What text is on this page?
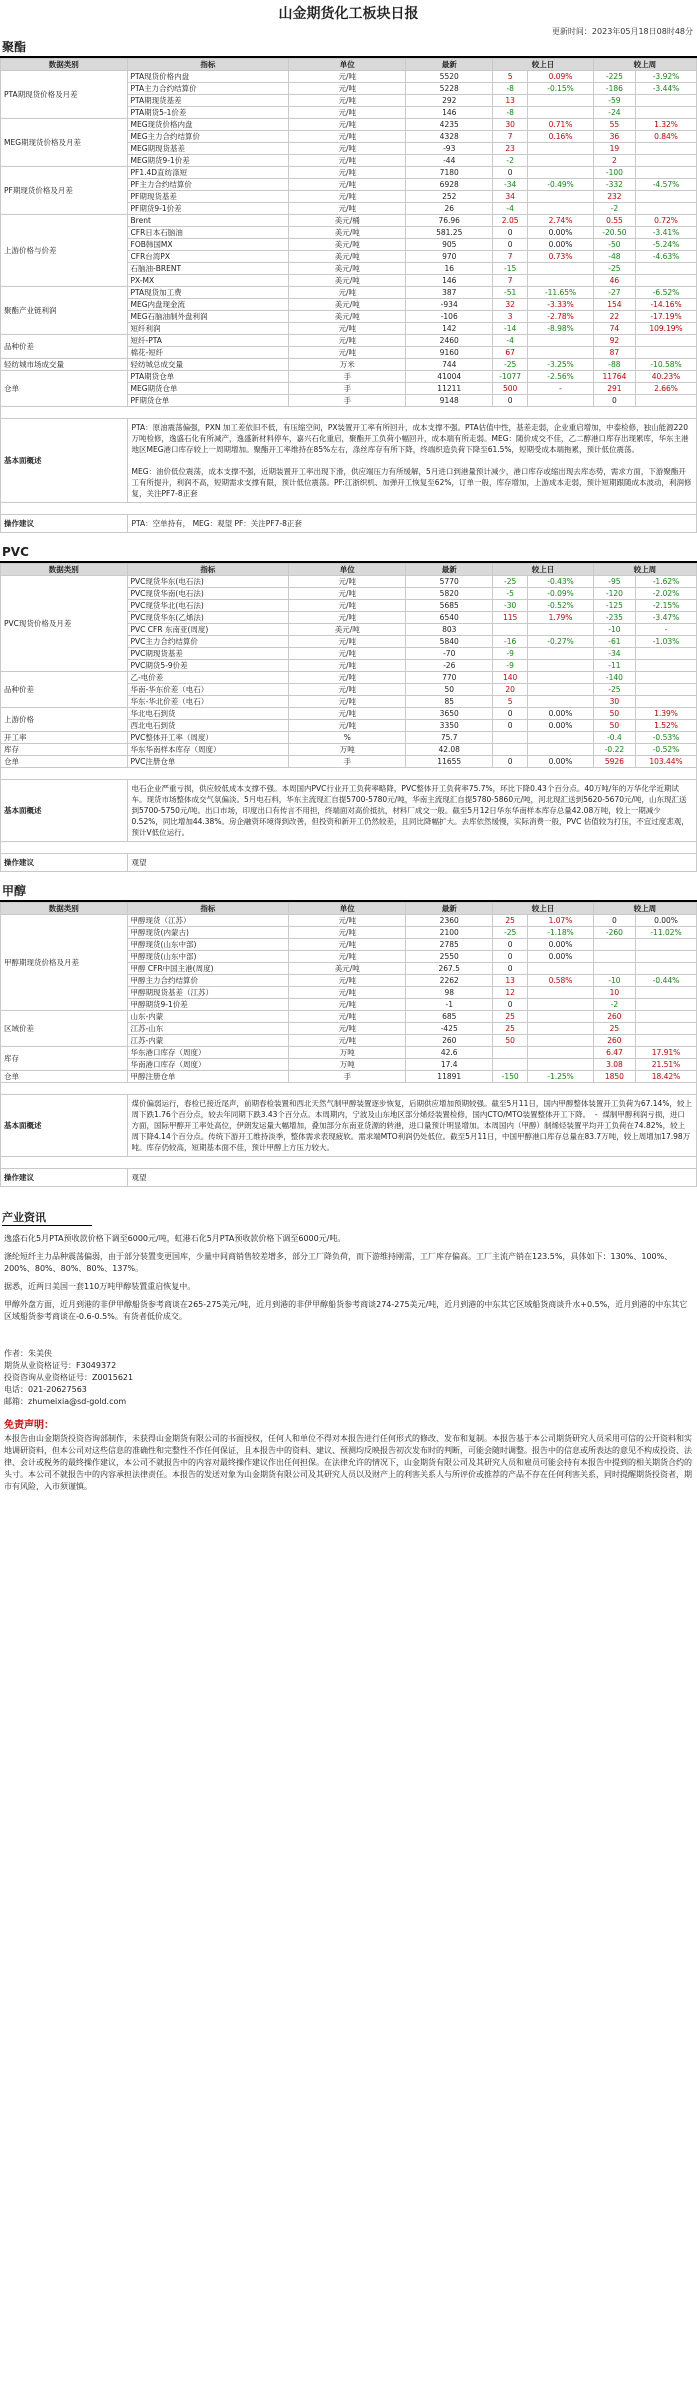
山金期货化工板块日报
更新时间：2023年05月18日08时48分
聚酯
数据类别	指标	单位	最新	较上日		较上周	
PTA期现货价格及月差	PTA现货价格内盘	元/吨	5520	5	0.09%	-225	-3.92%
	PTA主力合约结算价	元/吨	5228	-8	-0.15%	-186	-3.44%
	PTA期现货基差	元/吨	292	13		-59	
	PTA期货5-1价差	元/吨	146	-8		-24	
MEG期现货价格及月差	MEG现货价格内盘	元/吨	4235	30	0.71%	55	1.32%
	MEG主力合约结算价	元/吨	4328	7	0.16%	36	0.84%
	MEG期现货基差	元/吨	-93	23		19	
	MEG期货9-1价差	元/吨	-44	-2		2	
PF期现货价格及月差	PF1.4D直纺涤短	元/吨	7180	0		-100	
	PF主力合约结算价	元/吨	6928	-34	-0.49%	-332	-4.57%
	PF期现货基差	元/吨	252	34		232	
	PF期货9-1价差	元/吨	26	-4		-2	
上游价格与价差	Brent	美元/桶	76.96	2.05	2.74%	0.55	0.72%
	CFR日本石脑油	美元/吨	581.25	0	0.00%	-20.50	-3.41%
	FOB韩国MX	美元/吨	905	0	0.00%	-50	-5.24%
	CFR台湾PX	美元/吨	970	7	0.73%	-48	-4.63%
	石脑油-BRENT	美元/吨	16	-15		-25	
	PX-MX	美元/吨	146	7		46	
聚酯产业链利润	PTA现货加工费	元/吨	387	-51	-11.65%	-27	-6.52%
	MEG内盘现金流	美元/吨	-934	32	-3.33%	154	-14.16%
	MEG石脑油制外盘利润	美元/吨	-106	3	-2.78%	22	-17.19%
	短纤利润	元/吨	142	-14	-8.98%	74	109.19%
品种价差	短纤-PTA	元/吨	2460	-4		92	
	棉花-短纤	元/吨	9160	67		87	
轻纺城市场成交量	轻纺城总成交量	万米	744	-25	-3.25%	-88	-10.58%
仓单	PTA期货仓单	手	41004	-1077	-2.56%	11764	40.23%
	MEG期货仓单	手	11211	500	-	291	2.66%
	PF期货仓单	手	9148	0		0	

基本面概述	PTA：原油震荡偏强，PXN 加工差依旧不低，有压缩空间，PX装置开工率有所回升，成本支撑不强。PTA估值中性，基差走弱，企业重启增加，中泰检修，独山能源220万吨检修，逸盛石化有所减产，逸盛新材料停车，嘉兴石化重启，聚酯开工负荷小幅回升，成本端有所走弱。MEG：随价成交不佳，乙二醇港口库存出现累库，华东主港地区MEG港口库存较上一周期增加。聚酯开工率维持在85%左右，涤丝库存有所下降，终端织造负荷下降至61.5%，短期受成本端拖累，预计低位震荡。

MEG：油价低位震荡，成本支撑不强，近期装置开工率出现下滑，供应端压力有所缓解，5月进口到港量预计减少，港口库存或缩出现去库态势，需求方面，下游聚酯开工有所提升，利润不高，短期需求支撑有限，预计低位震荡。PF:江浙织机、加弹开工恢复至62%，订单一般，库存增加，上游成本走弱，预计短期跟随成本波动，利润修复，关注PF7-8正套						

操作建议	PTA：空单持有， MEG：观望 PF：关注PF7-8正套						
PVC
数据类别	指标	单位	最新	较上日		较上周	
PVC现货价格及月差	PVC现货华东(电石法)	元/吨	5770	-25	-0.43%	-95	-1.62%
	PVC现货华南(电石法)	元/吨	5820	-5	-0.09%	-120	-2.02%
	PVC现货华北(电石法)	元/吨	5685	-30	-0.52%	-125	-2.15%
	PVC现货华东(乙烯法)	元/吨	6540	115	1.79%	-235	-3.47%
	PVC CFR 东南亚(周度)	美元/吨	803			-10	-
	PVC主力合约结算价	元/吨	5840	-16	-0.27%	-61	-1.03%
	PVC期现货基差	元/吨	-70	-9		-34	
	PVC期货5-9价差	元/吨	-26	-9		-11	
品种价差	乙-电价差	元/吨	770	140		-140	
	华南-华东价差（电石）	元/吨	50	20		-25	
	华东-华北价差（电石）	元/吨	85	5		30	
上游价格	华北电石到货	元/吨	3650	0	0.00%	50	1.39%
	西北电石到货	元/吨	3350	0	0.00%	50	1.52%
开工率	PVC整体开工率（周度）	%	75.7			-0.4	-0.53%
库存	华东华南样本库存（周度）	万吨	42.08			-0.22	-0.52%
仓单	PVC注册仓单	手	11655	0	0.00%	5926	103.44%

基本面概述	电石企业严重亏损，供应较低成本支撑不强。本周国内PVC行业开工负荷率略降，PVC整体开工负荷率75.7%，环比下降0.43个百分点。40万吨/年的万华化学近期试车。现货市场整体成交气氛偏淡。5月电石料，华东主流现汇自提5700-5780元/吨，华南主流现汇自提5780-5860元/吨，河北现汇送到5620-5670元/吨，山东现汇送到5700-5750元/吨。出口市场，印度出口有传言不用担，终端面对高价抵抗，材料厂成交一般。截至5月12日华东华南样本库存总量42.08万吨，较上一期减少0.52%，同比增加44.38%。房企融资环境得到改善，但投资和新开工仍然较差，且同比降幅扩大。去库依然缓慢，实际消费一般，PVC 估值较为打压，不宜过度悲观，预计V低位运行。						

操作建议	观望						
甲醇
数据类别	指标	单位	最新	较上日		较上周	
甲醇期现货价格及月差	甲醇现货（江苏）	元/吨	2360	25	1.07%	0	0.00%
	甲醇现货(内蒙古)	元/吨	2100	-25	-1.18%	-260	-11.02%
	甲醇现货(山东中部)	元/吨	2785	0	0.00%		
	甲醇现货(山东中部)	元/吨	2550	0	0.00%		
	甲醇 CFR中国主港(周度)	美元/吨	267.5	0			
	甲醇主力合约结算价	元/吨	2262	13	0.58%	-10	-0.44%
	甲醇期现货基差（江苏）	元/吨	98	12		10	
	甲醇期货9-1价差	元/吨	-1	0		-2	
区域价差	山东-内蒙	元/吨	685	25		260	
	江苏-山东	元/吨	-425	25		25	
	江苏-内蒙	元/吨	260	50		260	
库存	华东港口库存（周度）	万吨	42.6			6.47	17.91%
	华南港口库存（周度）	万吨	17.4			3.08	21.51%
仓单	甲醇注册仓单	手	11891	-150	-1.25%	1850	18.42%

基本面概述	煤价偏弱运行，春检已接近尾声，前期春检装置和西北天然气制甲醇装置逐步恢复，后期供应增加预期较强。截至5月11日，国内甲醇整体装置开工负荷为67.14%，较上周下跌1.76个百分点，较去年同期下跌3.43个百分点。本周期内，宁波及山东地区部分烯烃装置检修，国内CTO/MTO装置整体开工下降。  -  煤制甲醇利润亏损，进口方面，国际甲醇开工率处高位，伊朗发运量大幅增加，叠加部分东南亚货源的转港，进口量预计明显增加。本周国内（甲醇）制烯烃装置平均开工负荷在74.82%，较上周下降4.14个百分点。传统下游开工维持淡季，整体需求表现疲软。需求端MTO利润仍处低位。截至5月11日，中国甲醇港口库存总量在83.7万吨，较上周增加17.98万吨。库存仍较高，短期基本面不佳，预计甲醇上方压力较大。						

操作建议	观望						
产业资讯
逸盛石化5月PTA预收款价格下调至6000元/吨，虹港石化5月PTA预收款价格下调至6000元/吨。
涤纶短纤主力品种震荡偏弱，由于部分装置变更国库，少量中间商销售较差增多，部分工厂降负荷，而下游维持刚需，工厂库存偏高。工厂主流产销在123.5%，具体如下：130%、100%、200%、80%、80%、80%、137%。
据悉，近两日美国一套110万吨甲醇装置重启恢复中。
甲醇外盘方面，近月到港的非伊甲醇船货参考商谈在265-275美元/吨，近月到港的非伊甲醇船货参考商谈274-275美元/吨，近月到港的中东其它区域船货商谈升水+0.5%，近月到港的中东其它区域船货参考商谈在-0.6-0.5%。有货者低价成交。
作者：朱美侠
期货从业资格证号：F3049372
投资咨询从业资格证号：Z0015621
电话：021-20627563
邮箱：zhumeixia@sd-gold.com
免责声明：
本报告由山金期货投资咨询部制作，未获得山金期货有限公司的书面授权，任何人和单位不得对本报告进行任何形式的修改、发布和复制。本报告基于本公司期货研究人员采用可信的公开资料和实地调研资料，但本公司对这些信息的准确性和完整性不作任何保证，且本报告中的资料、建议、预测均反映报告初次发布时的判断，可能会随时调整。报告中的信息或所表达的意见不构成投资、法律、会计或税务的最终操作建议，本公司不就报告中的内容对最终操作建议作出任何担保。在法律允许的情况下，山金期货有限公司及其研究人员和雇员可能会持有本报告中提到的相关期货合约的头寸。本公司不就报告中的内容承担法律责任。本报告的发送对象为山金期货有限公司及其研究人员以及财产上的利害关系人与所评价或推荐的产品不存在任何利害关系，同时提醒期货投资者，期市有风险，入市须谨慎。
